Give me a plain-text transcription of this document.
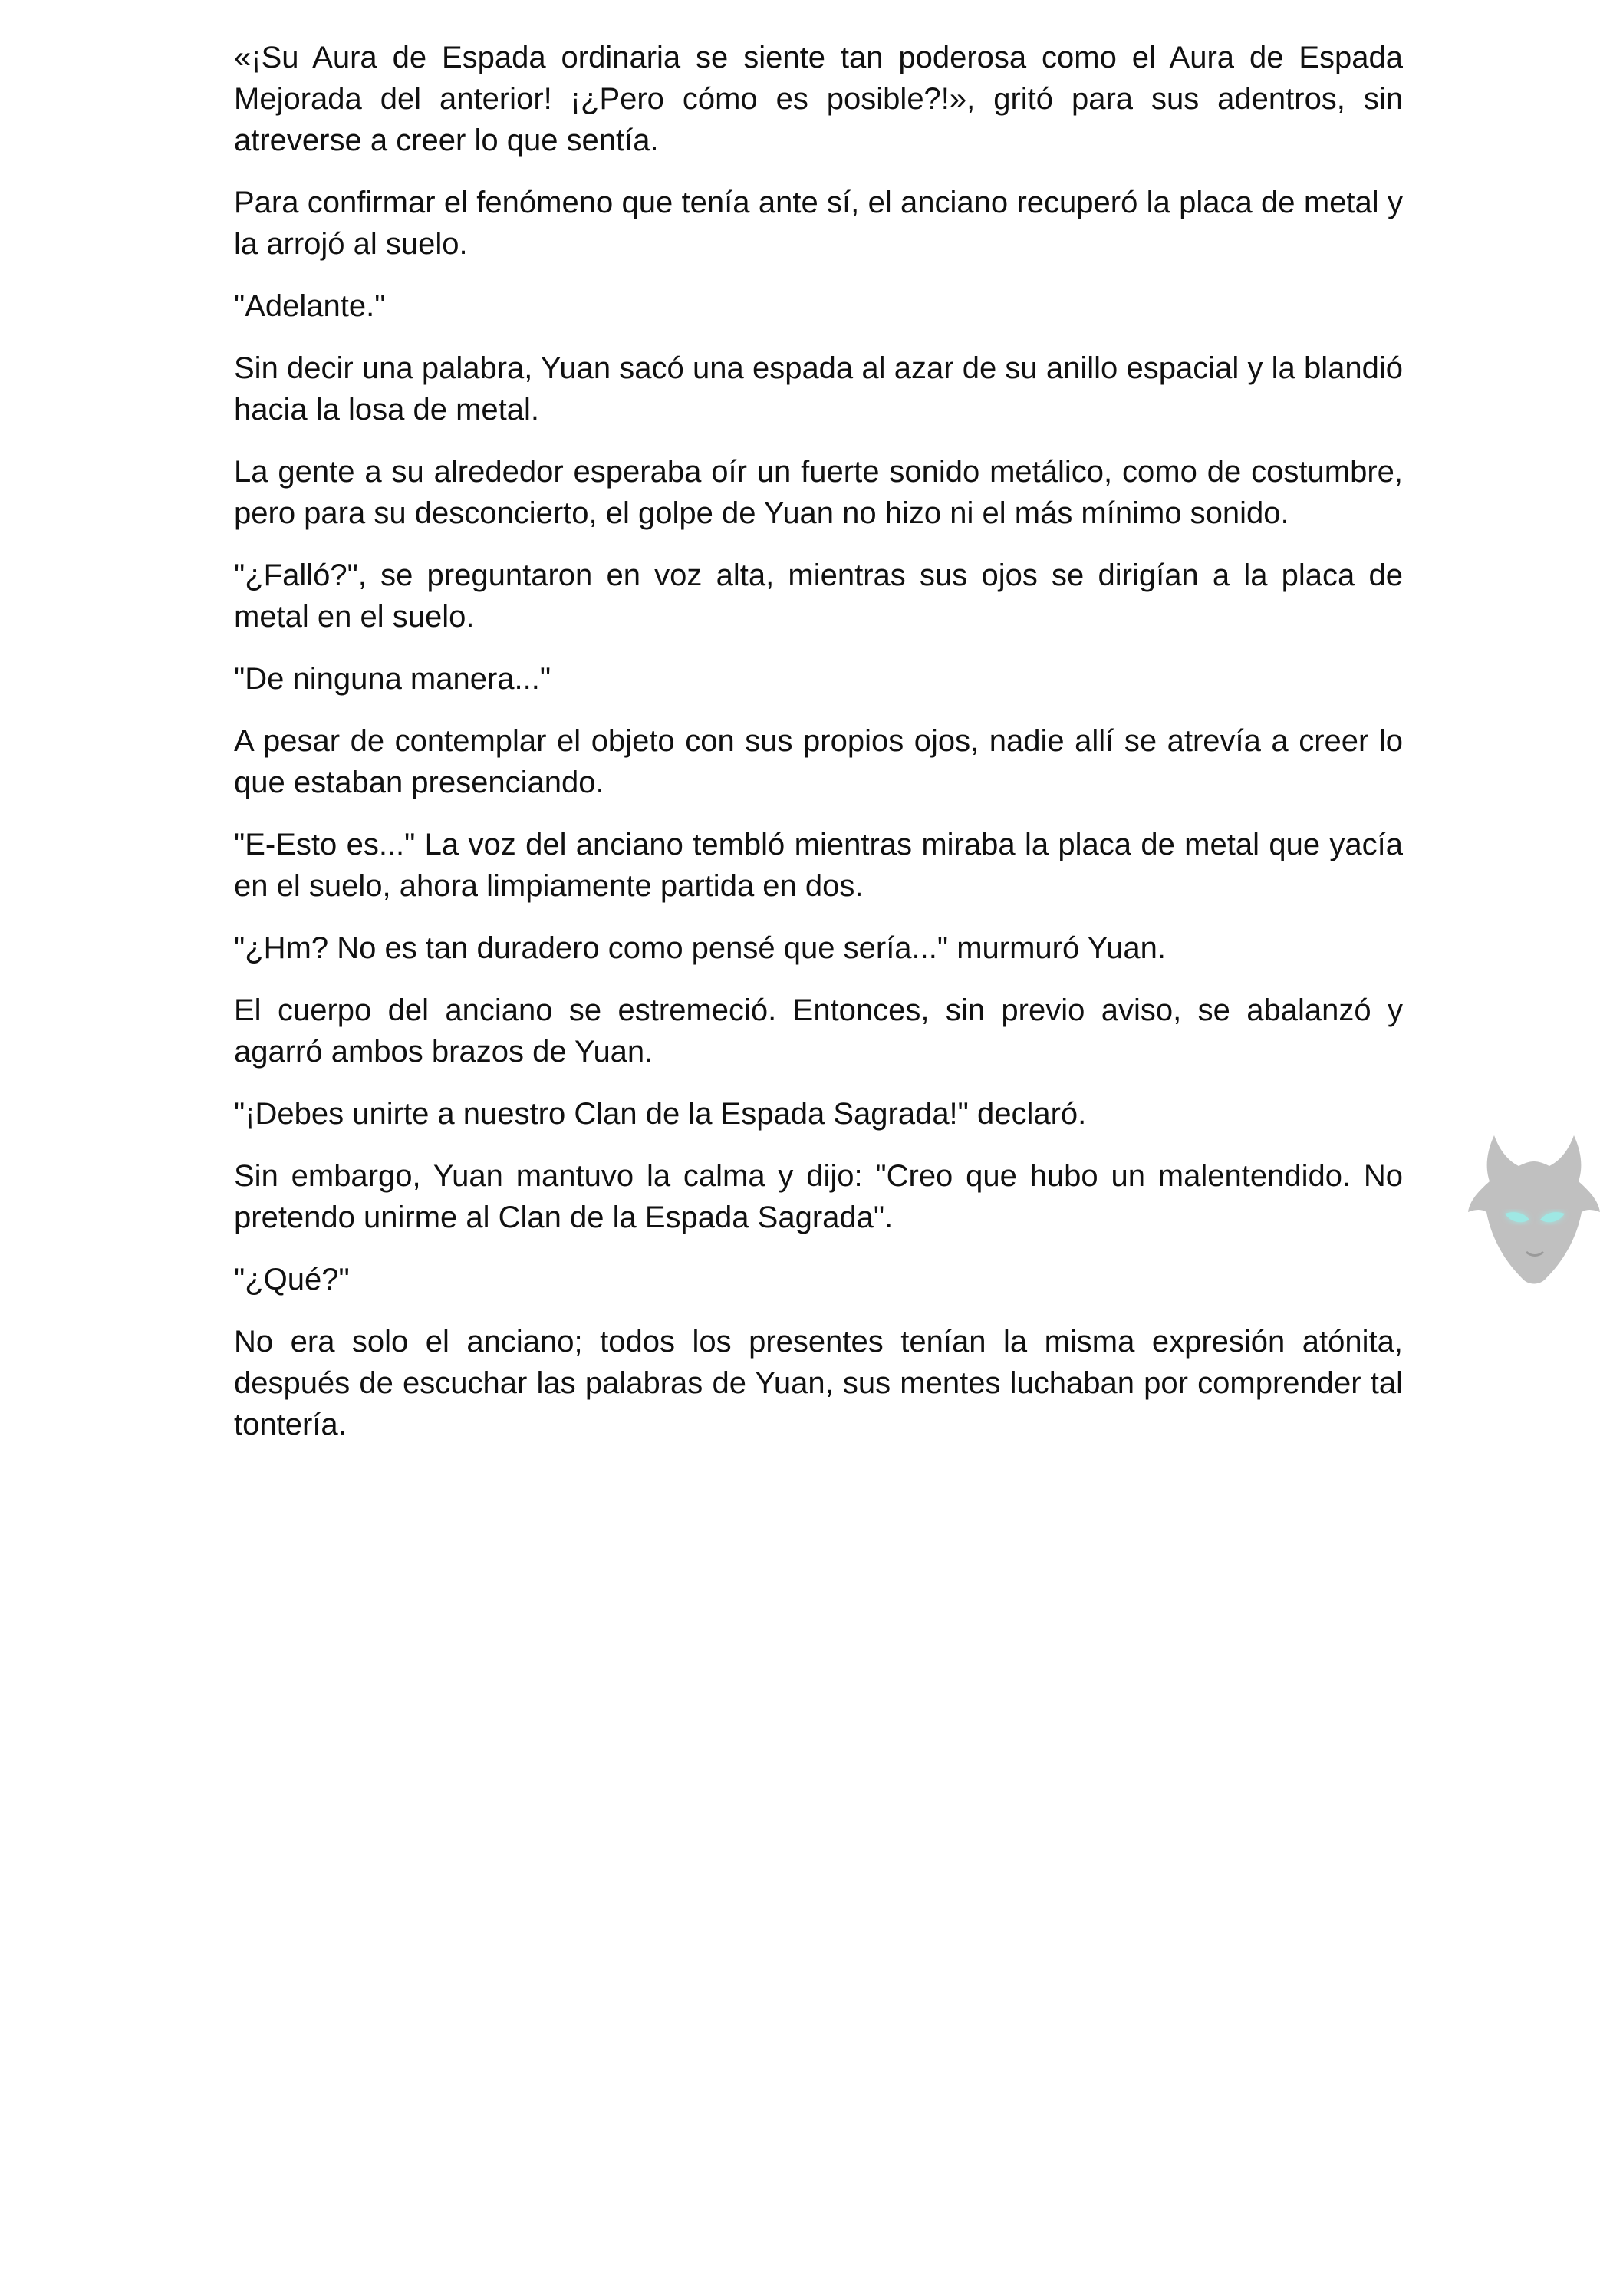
«¡Su Aura de Espada ordinaria se siente tan poderosa como el Aura de Espada Mejorada del anterior! ¡¿Pero cómo es posible?!», gritó para sus adentros, sin atreverse a creer lo que sentía.

Para confirmar el fenómeno que tenía ante sí, el anciano recuperó la placa de metal y la arrojó al suelo.

"Adelante."

Sin decir una palabra, Yuan sacó una espada al azar de su anillo espacial y la blandió hacia la losa de metal.

La gente a su alrededor esperaba oír un fuerte sonido metálico, como de costumbre, pero para su desconcierto, el golpe de Yuan no hizo ni el más mínimo sonido.

"¿Falló?", se preguntaron en voz alta, mientras sus ojos se dirigían a la placa de metal en el suelo.

"De ninguna manera..."

A pesar de contemplar el objeto con sus propios ojos, nadie allí se atrevía a creer lo que estaban presenciando.

"E-Esto es..." La voz del anciano tembló mientras miraba la placa de metal que yacía en el suelo, ahora limpiamente partida en dos.

"¿Hm? No es tan duradero como pensé que sería..." murmuró Yuan.

El cuerpo del anciano se estremeció. Entonces, sin previo aviso, se abalanzó y agarró ambos brazos de Yuan.

"¡Debes unirte a nuestro Clan de la Espada Sagrada!" declaró.

Sin embargo, Yuan mantuvo la calma y dijo: "Creo que hubo un malentendido. No pretendo unirme al Clan de la Espada Sagrada".

"¿Qué?"

No era solo el anciano; todos los presentes tenían la misma expresión atónita, después de escuchar las palabras de Yuan, sus mentes luchaban por comprender tal tontería.
